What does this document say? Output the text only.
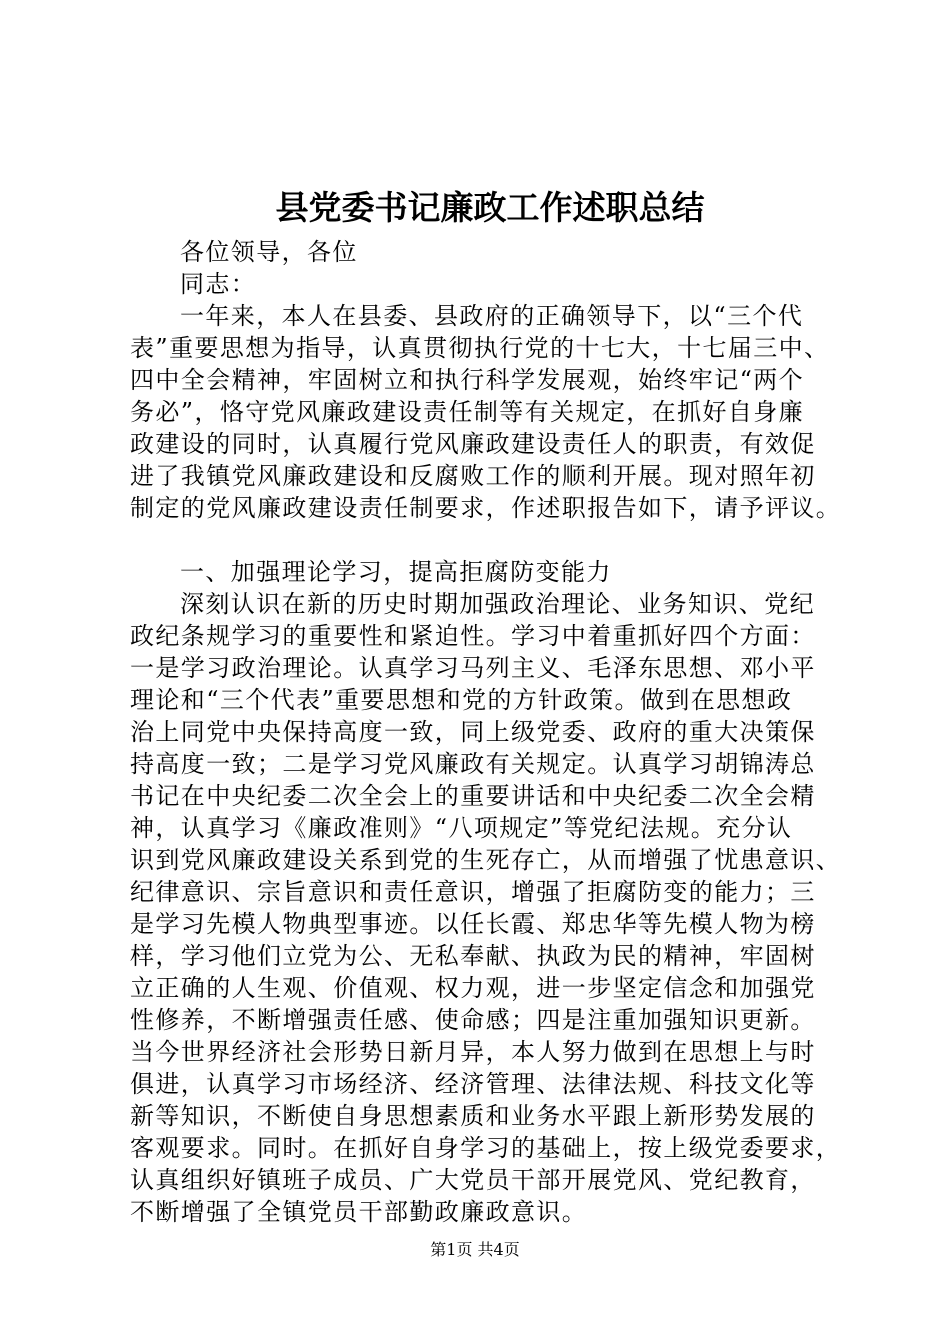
县党委书记廉政工作述职总结
各位领导，各位
同志：
一年来，本人在县委、县政府的正确领导下，以“三个代
表”重要思想为指导，认真贯彻执行党的十七大，十七届三中、
四中全会精神，牢固树立和执行科学发展观，始终牢记“两个
务必”，恪守党风廉政建设责任制等有关规定，在抓好自身廉
政建设的同时，认真履行党风廉政建设责任人的职责，有效促
进了我镇党风廉政建设和反腐败工作的顺利开展。现对照年初
制定的党风廉政建设责任制要求，作述职报告如下，请予评议。
一、加强理论学习，提高拒腐防变能力
深刻认识在新的历史时期加强政治理论、业务知识、党纪
政纪条规学习的重要性和紧迫性。学习中着重抓好四个方面：
一是学习政治理论。认真学习马列主义、毛泽东思想、邓小平
理论和“三个代表”重要思想和党的方针政策。做到在思想政
治上同党中央保持高度一致，同上级党委、政府的重大决策保
持高度一致；二是学习党风廉政有关规定。认真学习胡锦涛总
书记在中央纪委二次全会上的重要讲话和中央纪委二次全会精
神，认真学习《廉政准则》“八项规定”等党纪法规。充分认
识到党风廉政建设关系到党的生死存亡，从而增强了忧患意识、
纪律意识、宗旨意识和责任意识，增强了拒腐防变的能力；三
是学习先模人物典型事迹。以任长霞、郑忠华等先模人物为榜
样，学习他们立党为公、无私奉献、执政为民的精神，牢固树
立正确的人生观、价值观、权力观，进一步坚定信念和加强党
性修养，不断增强责任感、使命感；四是注重加强知识更新。
当今世界经济社会形势日新月异，本人努力做到在思想上与时
俱进，认真学习市场经济、经济管理、法律法规、科技文化等
新等知识，不断使自身思想素质和业务水平跟上新形势发展的
客观要求。同时。在抓好自身学习的基础上，按上级党委要求，
认真组织好镇班子成员、广大党员干部开展党风、党纪教育，
不断增强了全镇党员干部勤政廉政意识。
第1页 共4页
